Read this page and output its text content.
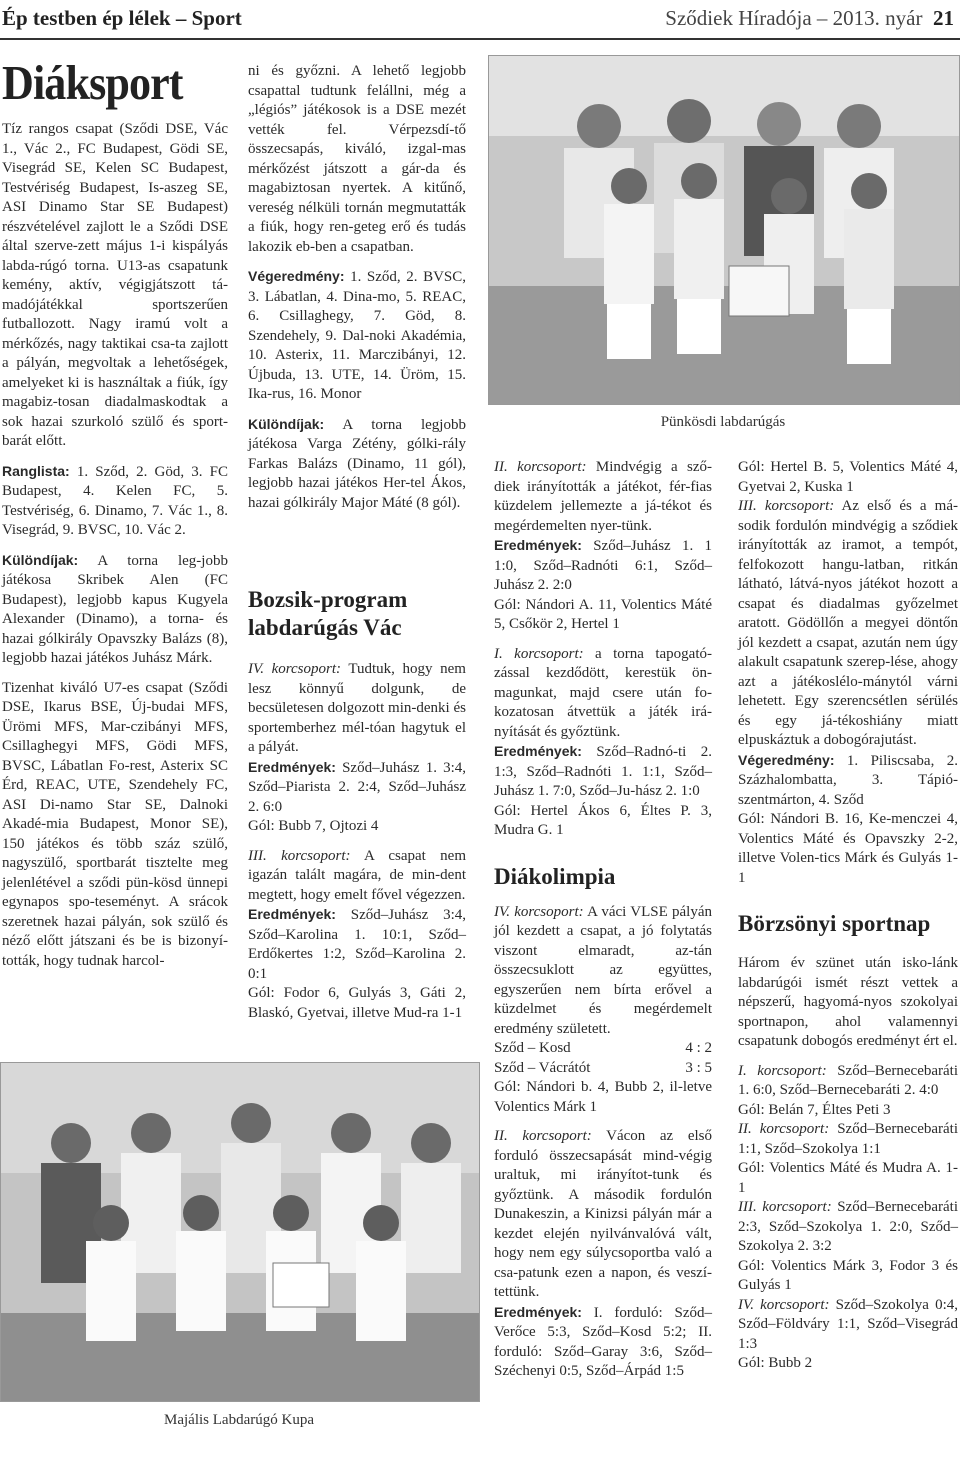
Ép testben ép lélek – Sport	Sződiek Híradója – 2013. nyár 21
Diáksport

Tíz rangos csapat (Sződi DSE, Vác 1., Vác 2., FC Budapest, Gödi SE, Visegrád SE, Kelen SC Budapest, Testvériség Budapest, Is-aszeg SE, ASI Dinamo Star SE Budapest) részvételével zajlott le a Sződi DSE által szerve-zett május 1-i kispályás labda-rúgó torna. U13-as csapatunk kemény, aktív, végigjátszott tá-madójátékkal sportszerűen futballozott. Nagy iramú volt a mérkőzés, nagy taktikai csa-ta zajlott a pályán, megvoltak a lehetőségek, amelyeket ki is használtak a fiúk, így magabiz-tosan diadalmaskodtak a sok hazai szurkoló szülő és sport-barát előtt.

Ranglista: 1. Sződ, 2. Göd, 3. FC Budapest, 4. Kelen FC, 5. Testvériség, 6. Dinamo, 7. Vác 1., 8. Visegrád, 9. BVSC, 10. Vác 2.

Különdíjak: A torna leg-jobb játékosa Skribek Alen (FC Budapest), legjobb kapus Kugyela Alexander (Dinamo), a torna- és hazai gólkirály Opavszky Balázs (8), legjobb hazai játékos Juhász Márk.

Tizenhat kiváló U7-es csapat (Sződi DSE, Ikarus BSE, Új-budai MFS, Ürömi MFS, Mar-czibányi MFS, Csillaghegyi MFS, Gödi MFS, BVSC, Lábatlan Fo-rest, Asterix SC Érd, REAC, UTE, Szendehely FC, ASI Di-namo Star SE, Dalnoki Akadé-mia Budapest, Monor SE), 150 játékos és több száz szülő, nagyszülő, sportbarát tisztelte meg jelenlétével a sződi pün-kösd ünnepi egynapos spo-teseményt. A srácok szeretnek hazai pályán, sok szülő és néző előtt játszani és be is bizonyí-tották, hogy tudnak harcol-

ni és győzni. A lehető legjobb csapattal tudtunk felállni, még a „légiós” játékosok is a DSE mezét vették fel. Vérpezsdí-tő összecsapás, kiváló, izgal-mas mérkőzést játszott a gár-da és magabiztosan nyertek. A kitűnő, vereség nélküli tornán megmutatták a fiúk, hogy ren-geteg erő és tudás lakozik eb-ben a csapatban.

Végeredmény: 1. Sződ, 2. BVSC, 3. Lábatlan, 4. Dina-mo, 5. REAC, 6. Csillaghegy, 7. Göd, 8. Szendehely, 9. Dal-noki Akadémia, 10. Asterix, 11. Marczibányi, 12. Újbuda, 13. UTE, 14. Üröm, 15. Ika-rus, 16. Monor

Különdíjak: A torna legjobb játékosa Varga Zétény, gólki-rály Farkas Balázs (Dinamo, 11 gól), legjobb hazai játékos Her-tel Ákos, hazai gólkirály Major Máté (8 gól).

Pünkösdi labdarúgás
Bozsik-program labdarúgás Vác

IV. korcsoport: Tudtuk, hogy nem lesz könnyű dolgunk, de becsületesen dolgozott min-denki és sportemberhez mél-tóan hagytuk el a pályát.

Eredmények: Sződ–Juhász 1. 3:4, Sződ–Piarista 2. 2:4, Sződ–Juhász 2. 6:0

Gól: Bubb 7, Ojtozi 4

III. korcsoport: A csapat nem igazán talált magára, de min-dent megtett, hogy emelt fővel végezzen.

Eredmények: Sződ–Juhász 3:4, Sződ–Karolina 1. 10:1, Sződ–Erdőkertes 1:2, Sződ–Karolina 2. 0:1

Gól: Fodor 6, Gulyás 3, Gáti 2, Blaskó, Gyetvai, illetve Mud-ra 1-1

II. korcsoport: Mindvégig a sző-diek irányították a játékot, fér-fias küzdelem jellemezte a já-tékot és megérdemelten nyer-tünk.

Eredmények: Sződ–Juhász 1. 1 1:0, Sződ–Radnóti 6:1, Sződ–Juhász 2. 2:0

Gól: Nándori A. 11, Volentics Máté 5, Csőkör 2, Hertel 1

I. korcsoport: a torna tapogató-zással kezdődött, kerestük ön-magunkat, majd csere után fo-kozatosan átvettük a játék irá-nyítását és győztünk.

Eredmények: Sződ–Radnó-ti 2. 1:3, Sződ–Radnóti 1. 1:1, Sződ–Juhász 1. 7:0, Sződ–Ju-hász 2. 1:0

Gól: Hertel Ákos 6, Éltes P. 3, Mudra G. 1

Diákolimpia

IV. korcsoport: A váci VLSE pályán jól kezdett a csapat, a jó folytatás viszont elmaradt, az-tán összecsuklott az együttes, egyszerűen nem bírta erővel a küzdelmet és megérdemelt eredmény született.

Sződ – Kosd	4 : 2
Sződ – Vácrátót	3 : 5

Gól: Nándori b. 4, Bubb 2, il-letve Volentics Márk 1

II. korcsoport: Vácon az első forduló összecsapását mind-végig uraltuk, mi irányítot-tunk és győztünk. A második fordulón Dunakeszin, a Kinizsi pályán már a kezdet elején nyilvánvalóvá vált, hogy nem egy súlycsoportba való a csa-patunk ezen a napon, és veszí-tettünk.

Eredmények: I. forduló: Sződ–Verőce 5:3, Sződ–Kosd 5:2; II. forduló: Sződ–Garay 3:6, Sződ–Széchenyi 0:5, Sződ–Árpád 1:5

Gól: Hertel B. 5, Volentics Máté 4, Gyetvai 2, Kuska 1

III. korcsoport: Az első és a má-sodik fordulón mindvégig a sződiek irányították az iramot, a tempót, felfokozott hangu-latban, ritkán látható, látvá-nyos játékot hozott a csapat és diadalmas győzelmet aratott. Gödöllőn a megyei döntőn jól kezdett a csapat, azután nem úgy alakult csapatunk szerep-lése, ahogy azt a játékoslélo-mánytól várni lehetett. Egy szerencsétlen sérülés és egy já-tékoshiány miatt elpuskáztuk a dobogórajutást.

Végeredmény: 1. Piliscsaba, 2. Százhalombatta, 3. Tápió-szentmárton, 4. Sződ

Gól: Nándori B. 16, Ke-menczei 4, Volentics Máté és Opavszky 2-2, illetve Volen-tics Márk és Gulyás 1-1

Börzsönyi sportnap

Három év szünet után isko-lánk labdarúgói ismét részt vettek a népszerű, hagyomá-nyos szokolyai sportnapon, ahol valamennyi csapatunk dobogós eredményt ért el.

I. korcsoport: Sződ–Bernecebaráti 1. 6:0, Sződ–Bernecebaráti 2. 4:0

Gól: Belán 7, Éltes Peti 3

II. korcsoport: Sződ–Bernecebaráti 1:1, Sződ–Szokolya 1:1

Gól: Volentics Máté és Mudra A. 1-1

III. korcsoport: Sződ–Bernecebaráti 2:3, Sződ–Szokolya 1. 2:0, Sződ–Szokolya 2. 3:2

Gól: Volentics Márk 3, Fodor 3 és Gulyás 1

IV. korcsoport: Sződ–Szokolya 0:4, Sződ–Földváry 1:1, Sződ–Visegrád 1:3

Gól: Bubb 2

Majális Labdarúgó Kupa
